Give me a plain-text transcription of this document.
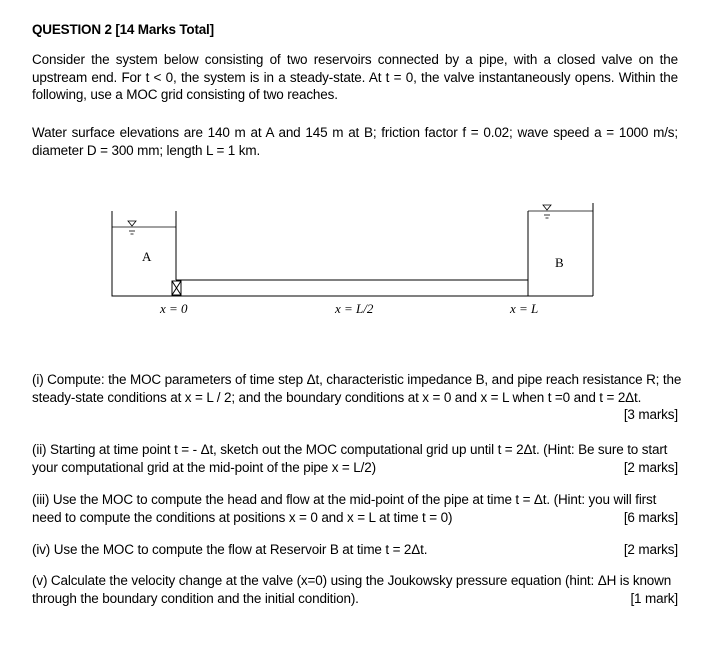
QUESTION 2 [14 Marks Total]
Consider the system below consisting of two reservoirs connected by a pipe, with a closed valve on the upstream end. For t < 0, the system is in a steady-state. At t = 0, the valve instantaneously opens. Within the following, use a MOC grid consisting of two reaches.
Water surface elevations are 140 m at A and 145 m at B; friction factor f = 0.02; wave speed a = 1000 m/s; diameter D = 300 mm; length L = 1 km.
A	B
x = 0	x = L/2	x = L
(i) Compute: the MOC parameters of time step Δt, characteristic impedance B, and pipe reach resistance R; the
steady-state conditions at x = L / 2; and the boundary conditions at x = 0 and x = L when t =0 and t = 2Δt.
[3 marks]
(ii) Starting at time point t = - Δt, sketch out the MOC computational grid up until t = 2Δt. (Hint: Be sure to start
your computational grid at the mid-point of the pipe x = L/2)	[2 marks]
(iii) Use the MOC to compute the head and flow at the mid-point of the pipe at time t = Δt. (Hint: you will first
need to compute the conditions at positions x = 0 and x = L at time t = 0)	[6 marks]
(iv) Use the MOC to compute the flow at Reservoir B at time t = 2Δt.	[2 marks]
(v) Calculate the velocity change at the valve (x=0) using the Joukowsky pressure equation (hint: ΔH is known
through the boundary condition and the initial condition).	[1 mark]
